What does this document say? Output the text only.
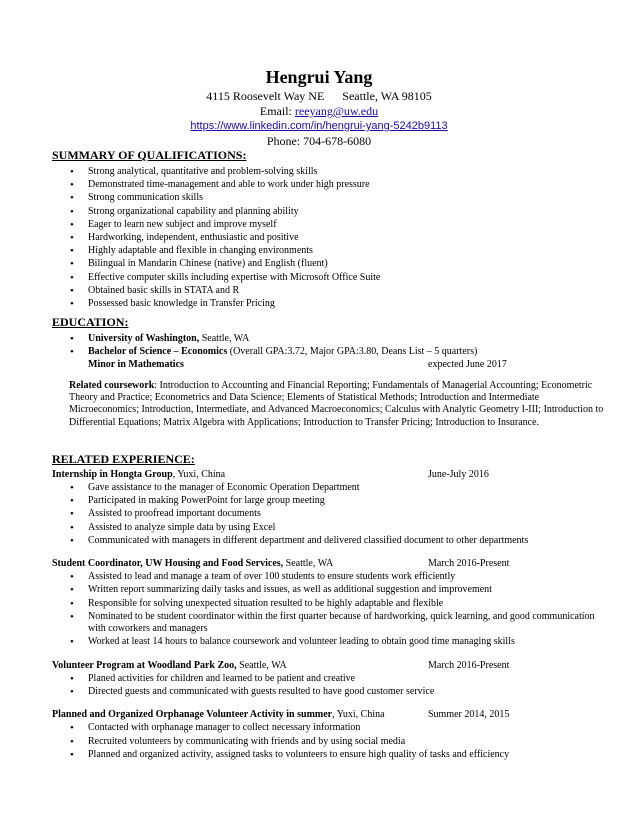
Hengrui Yang
4115 Roosevelt Way NE Seattle, WA 98105
Email: reeyang@uw.edu
https://www.linkedin.com/in/hengrui-yang-5242b9113
Phone: 704-678-6080
SUMMARY OF QUALIFICATIONS:
• Strong analytical, quantitative and problem-solving skills
• Demonstrated time-management and able to work under high pressure
• Strong communication skills
• Strong organizational capability and planning ability
• Eager to learn new subject and improve myself
• Hardworking, independent, enthusiastic and positive
• Highly adaptable and flexible in changing environments
• Bilingual in Mandarin Chinese (native) and English (fluent)
• Effective computer skills including expertise with Microsoft Office Suite
• Obtained basic skills in STATA and R
• Possessed basic knowledge in Transfer Pricing
EDUCATION:
• University of Washington, Seattle, WA
• Bachelor of Science – Economics (Overall GPA:3.72, Major GPA:3.80, Deans List – 5 quarters)
Minor in Mathematics	expected June 2017
Related coursework: Introduction to Accounting and Financial Reporting; Fundamentals of Managerial Accounting; Econometric Theory and Practice; Econometrics and Data Science; Elements of Statistical Methods; Introduction and Intermediate Microeconomics; Introduction, Intermediate, and Advanced Macroeconomics; Calculus with Analytic Geometry I-III; Introduction to Differential Equations; Matrix Algebra with Applications; Introduction to Transfer Pricing; Introduction to Insurance.
RELATED EXPERIENCE:
Internship in Hongta Group, Yuxi, China	June-July 2016
• Gave assistance to the manager of Economic Operation Department
• Participated in making PowerPoint for large group meeting
• Assisted to proofread important documents
• Assisted to analyze simple data by using Excel
• Communicated with managers in different department and delivered classified document to other departments
Student Coordinator, UW Housing and Food Services, Seattle, WA	March 2016-Present
• Assisted to lead and manage a team of over 100 students to ensure students work efficiently
• Written report summarizing daily tasks and issues, as well as additional suggestion and improvement
• Responsible for solving unexpected situation resulted to be highly adaptable and flexible
• Nominated to be student coordinator within the first quarter because of hardworking, quick learning, and good communication with coworkers and managers
• Worked at least 14 hours to balance coursework and volunteer leading to obtain good time managing skills
Volunteer Program at Woodland Park Zoo, Seattle, WA	March 2016-Present
• Planed activities for children and learned to be patient and creative
• Directed guests and communicated with guests resulted to have good customer service
Planned and Organized Orphanage Volunteer Activity in summer, Yuxi, China	Summer 2014, 2015
• Contacted with orphanage manager to collect necessary information
• Recruited volunteers by communicating with friends and by using social media
• Planned and organized activity, assigned tasks to volunteers to ensure high quality of tasks and efficiency
